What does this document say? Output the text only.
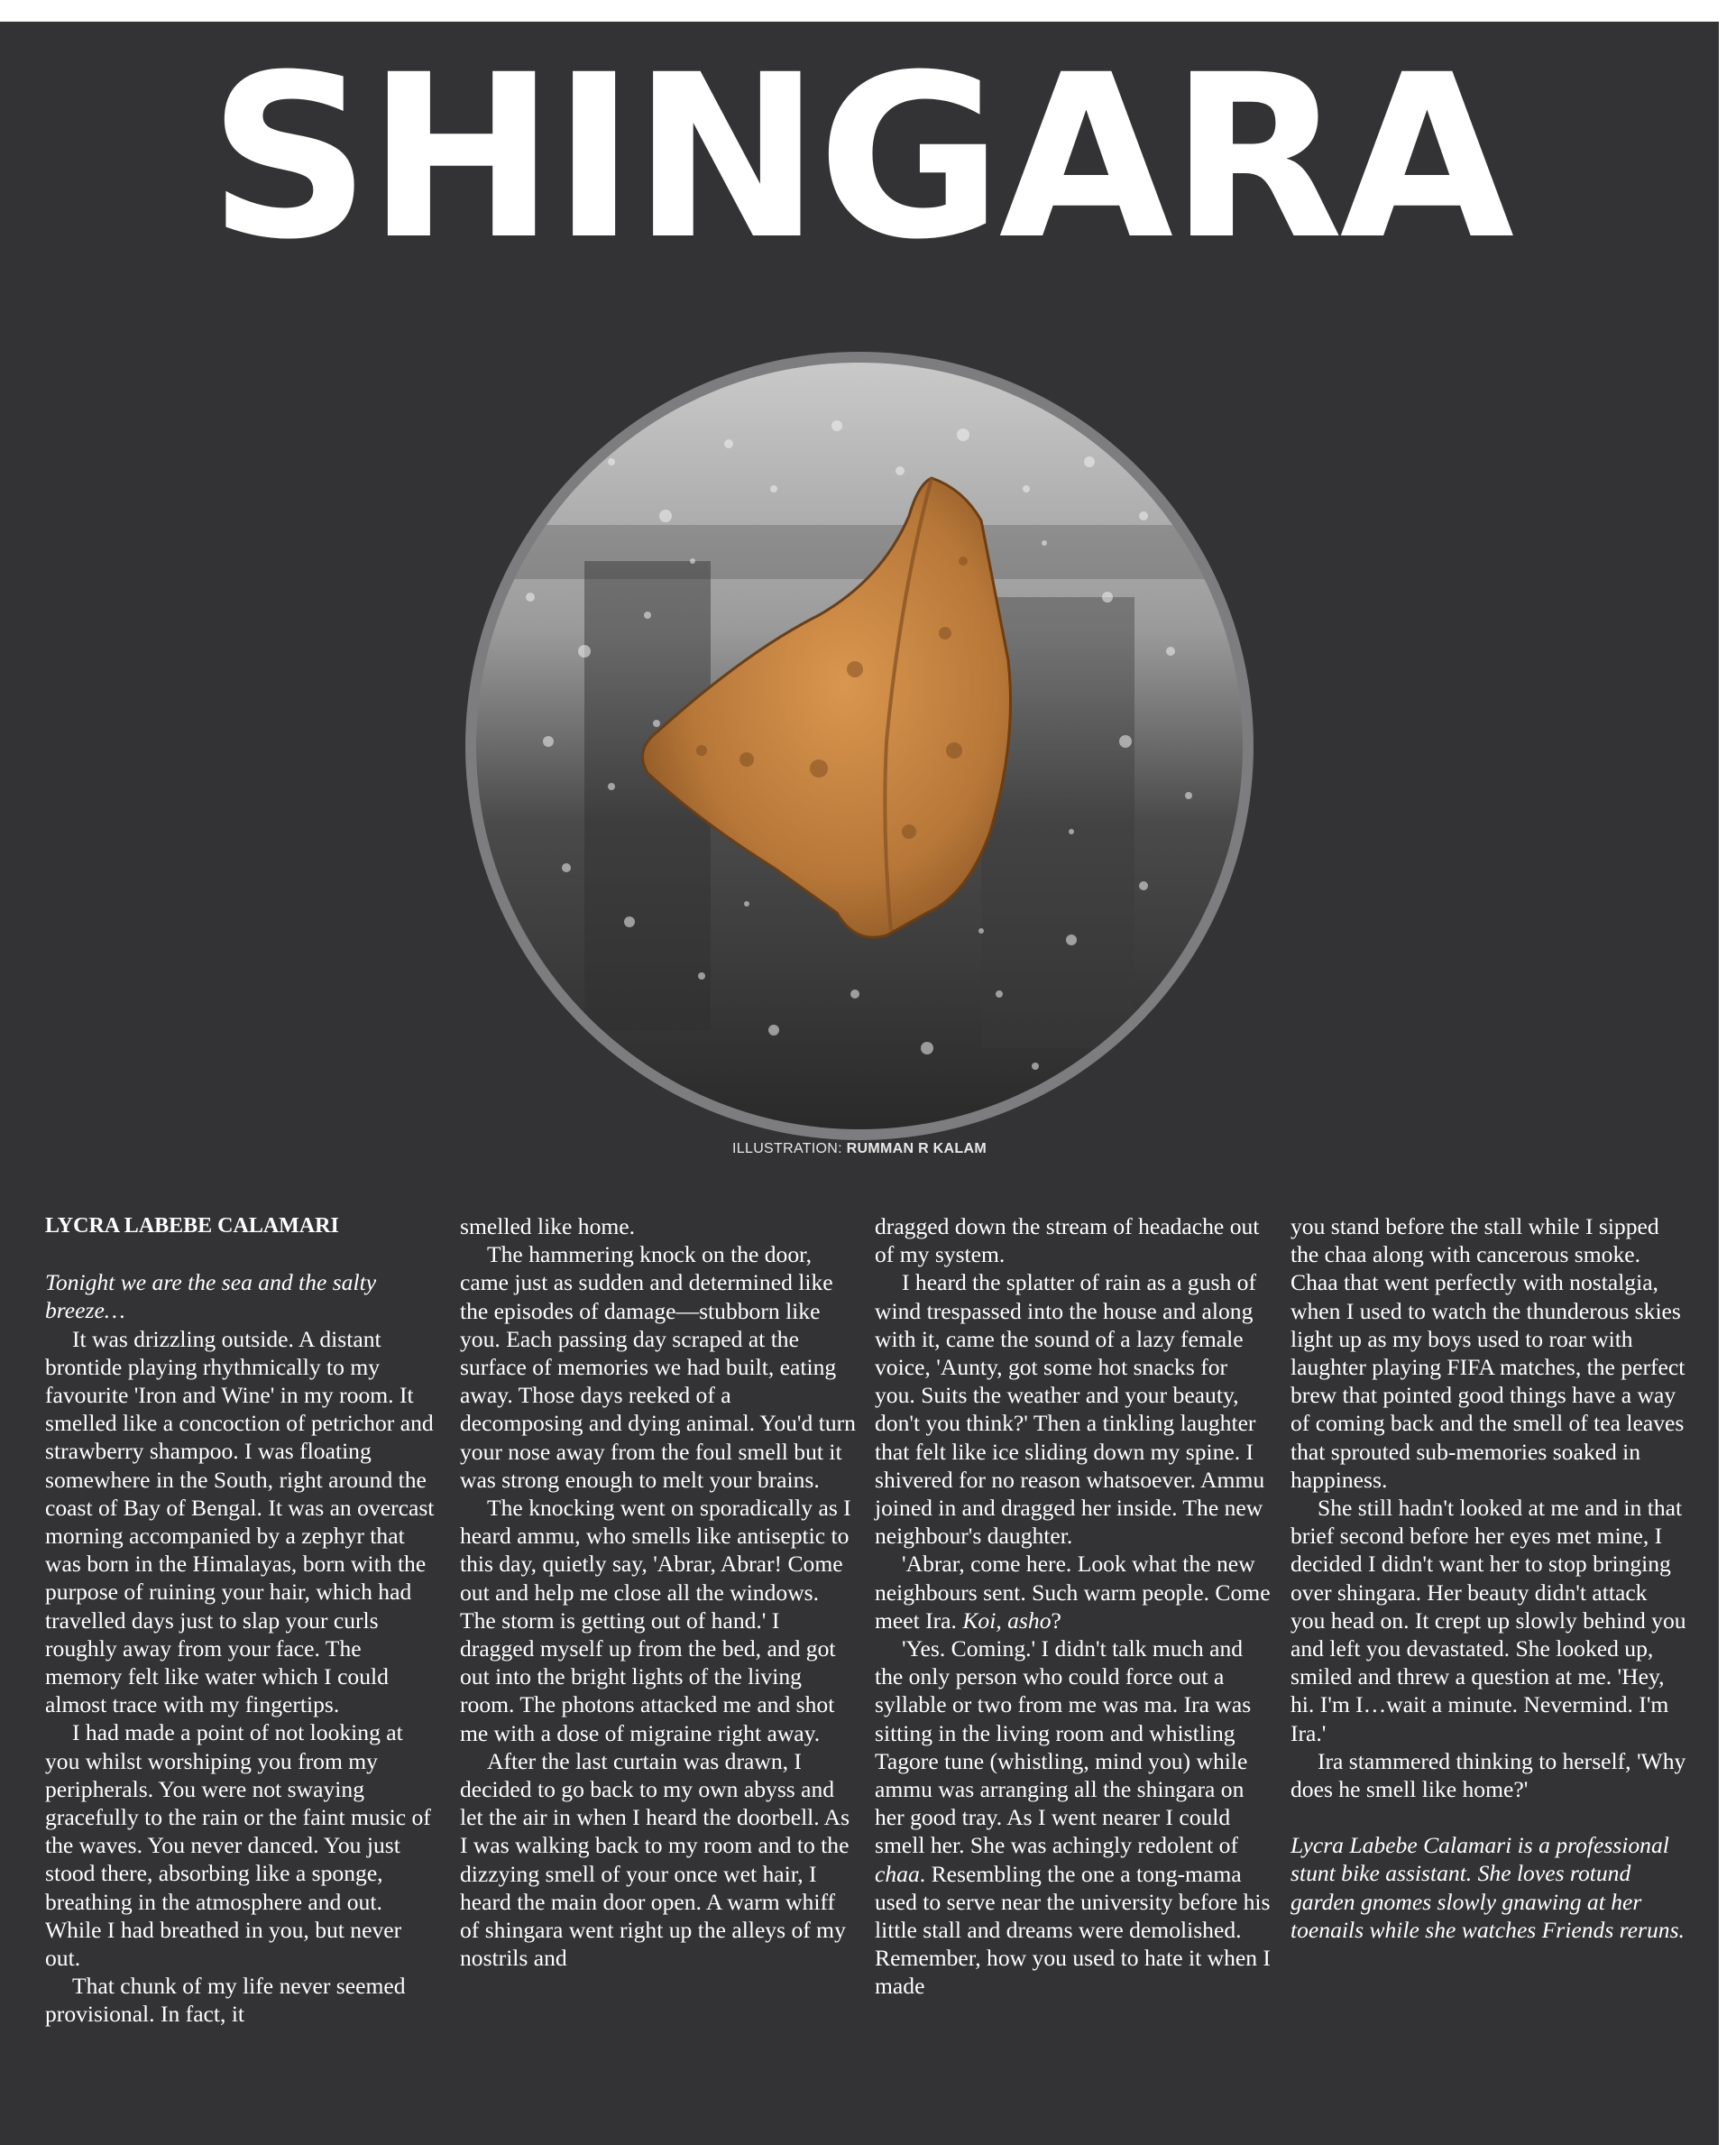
SHINGARA
ILLUSTRATION: RUMMAN R KALAM

LYCRA LABEBE CALAMARI

Tonight we are the sea and the salty breeze…

It was drizzling outside. A distant brontide playing rhythmically to my favourite 'Iron and Wine' in my room. It smelled like a concoction of petrichor and strawberry shampoo. I was floating somewhere in the South, right around the coast of Bay of Bengal. It was an overcast morning accompanied by a zephyr that was born in the Himalayas, born with the purpose of ruining your hair, which had travelled days just to slap your curls roughly away from your face. The memory felt like water which I could almost trace with my fingertips.

I had made a point of not looking at you whilst worshiping you from my peripherals. You were not swaying gracefully to the rain or the faint music of the waves. You never danced. You just stood there, absorbing like a sponge, breathing in the atmosphere and out. While I had breathed in you, but never out.

That chunk of my life never seemed provisional. In fact, it

smelled like home.

The hammering knock on the door, came just as sudden and determined like the episodes of damage—stubborn like you. Each passing day scraped at the surface of memories we had built, eating away. Those days reeked of a decomposing and dying animal. You'd turn your nose away from the foul smell but it was strong enough to melt your brains.

The knocking went on sporadically as I heard ammu, who smells like antiseptic to this day, quietly say, 'Abrar, Abrar! Come out and help me close all the windows. The storm is getting out of hand.' I dragged myself up from the bed, and got out into the bright lights of the living room. The photons attacked me and shot me with a dose of migraine right away.

After the last curtain was drawn, I decided to go back to my own abyss and let the air in when I heard the doorbell. As I was walking back to my room and to the dizzying smell of your once wet hair, I heard the main door open. A warm whiff of shingara went right up the alleys of my nostrils and

dragged down the stream of headache out of my system.

I heard the splatter of rain as a gush of wind trespassed into the house and along with it, came the sound of a lazy female voice, 'Aunty, got some hot snacks for you. Suits the weather and your beauty, don't you think?' Then a tinkling laughter that felt like ice sliding down my spine. I shivered for no reason whatsoever. Ammu joined in and dragged her inside. The new neighbour's daughter.

'Abrar, come here. Look what the new neighbours sent. Such warm people. Come meet Ira. Koi, asho?

'Yes. Coming.' I didn't talk much and the only person who could force out a syllable or two from me was ma. Ira was sitting in the living room and whistling Tagore tune (whistling, mind you) while ammu was arranging all the shingara on her good tray. As I went nearer I could smell her. She was achingly redolent of chaa. Resembling the one a tong-mama used to serve near the university before his little stall and dreams were demolished. Remember, how you used to hate it when I made

you stand before the stall while I sipped the chaa along with cancerous smoke. Chaa that went perfectly with nostalgia, when I used to watch the thunderous skies light up as my boys used to roar with laughter playing FIFA matches, the perfect brew that pointed good things have a way of coming back and the smell of tea leaves that sprouted sub-memories soaked in happiness.

She still hadn't looked at me and in that brief second before her eyes met mine, I decided I didn't want her to stop bringing over shingara. Her beauty didn't attack you head on. It crept up slowly behind you and left you devastated. She looked up, smiled and threw a question at me. 'Hey, hi. I'm I…wait a minute. Nevermind. I'm Ira.'

Ira stammered thinking to herself, 'Why does he smell like home?'

Lycra Labebe Calamari is a professional stunt bike assistant. She loves rotund garden gnomes slowly gnawing at her toenails while she watches Friends reruns.
